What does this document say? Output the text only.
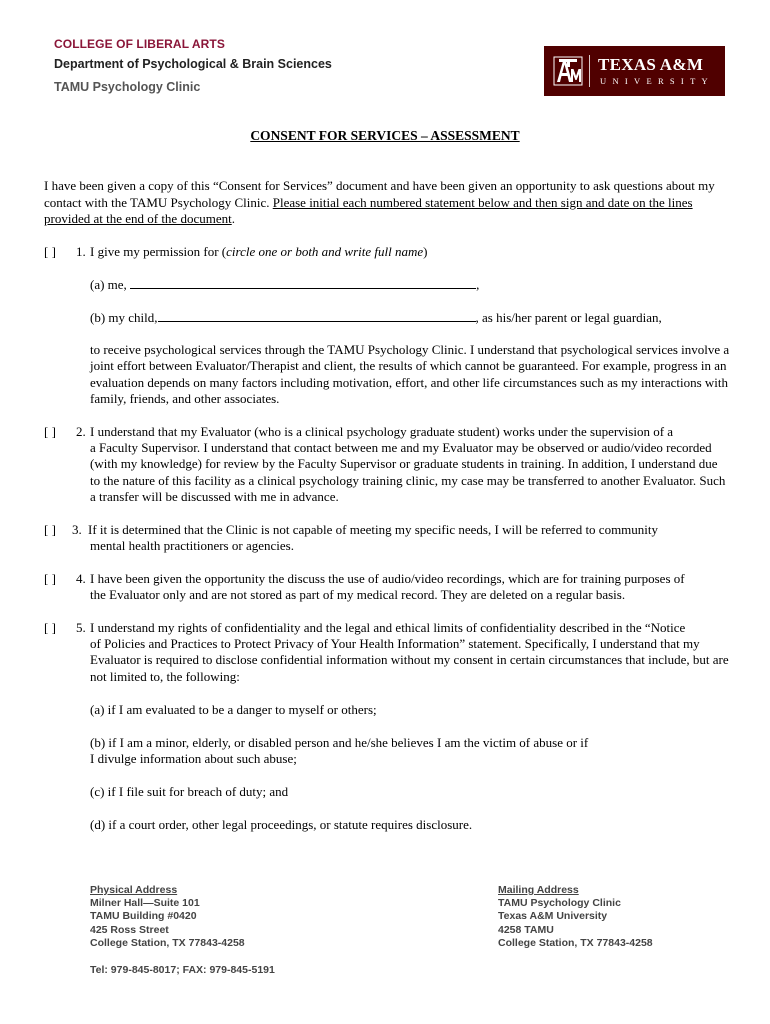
COLLEGE OF LIBERAL ARTS
Department of Psychological & Brain Sciences
TAMU Psychology Clinic
TEXAS A&M
UNIVERSITY
CONSENT FOR SERVICES – ASSESSMENT
I have been given a copy of this “Consent for Services” document and have been given an opportunity to ask questions about my contact with the TAMU Psychology Clinic. Please initial each numbered statement below and then sign and date on the lines provided at the end of the document.
[ ] 1. I give my permission for (circle one or both and write full name)
(a) me,	,
(b) my child,	, as his/her parent or legal guardian,
to receive psychological services through the TAMU Psychology Clinic. I understand that psychological services involve a joint effort between Evaluator/Therapist and client, the results of which cannot be guaranteed. For example, progress in an evaluation depends on many factors including motivation, effort, and other life circumstances such as my interactions with family, friends, and other associates.
[ ] 2. I understand that my Evaluator (who is a clinical psychology graduate student) works under the supervision of a
a Faculty Supervisor. I understand that contact between me and my Evaluator may be observed or audio/video recorded (with my knowledge) for review by the Faculty Supervisor or graduate students in training. In addition, I understand due to the nature of this facility as a clinical psychology training clinic, my case may be transferred to another Evaluator. Such a transfer will be discussed with me in advance.
[ ] 3. If it is determined that the Clinic is not capable of meeting my specific needs, I will be referred to community
mental health practitioners or agencies.
[ ] 4. I have been given the opportunity the discuss the use of audio/video recordings, which are for training purposes of
the Evaluator only and are not stored as part of my medical record. They are deleted on a regular basis.
[ ] 5. I understand my rights of confidentiality and the legal and ethical limits of confidentiality described in the “Notice
of Policies and Practices to Protect Privacy of Your Health Information” statement. Specifically, I understand that my Evaluator is required to disclose confidential information without my consent in certain circumstances that include, but are not limited to, the following:
(a) if I am evaluated to be a danger to myself or others;
(b) if I am a minor, elderly, or disabled person and he/she believes I am the victim of abuse or if
I divulge information about such abuse;
(c) if I file suit for breach of duty; and
(d) if a court order, other legal proceedings, or statute requires disclosure.
Physical Address
Milner Hall—Suite 101
TAMU Building #0420
425 Ross Street
College Station, TX 77843-4258
Mailing Address
TAMU Psychology Clinic
Texas A&M University
4258 TAMU
College Station, TX 77843-4258
Tel: 979-845-8017; FAX: 979-845-5191
